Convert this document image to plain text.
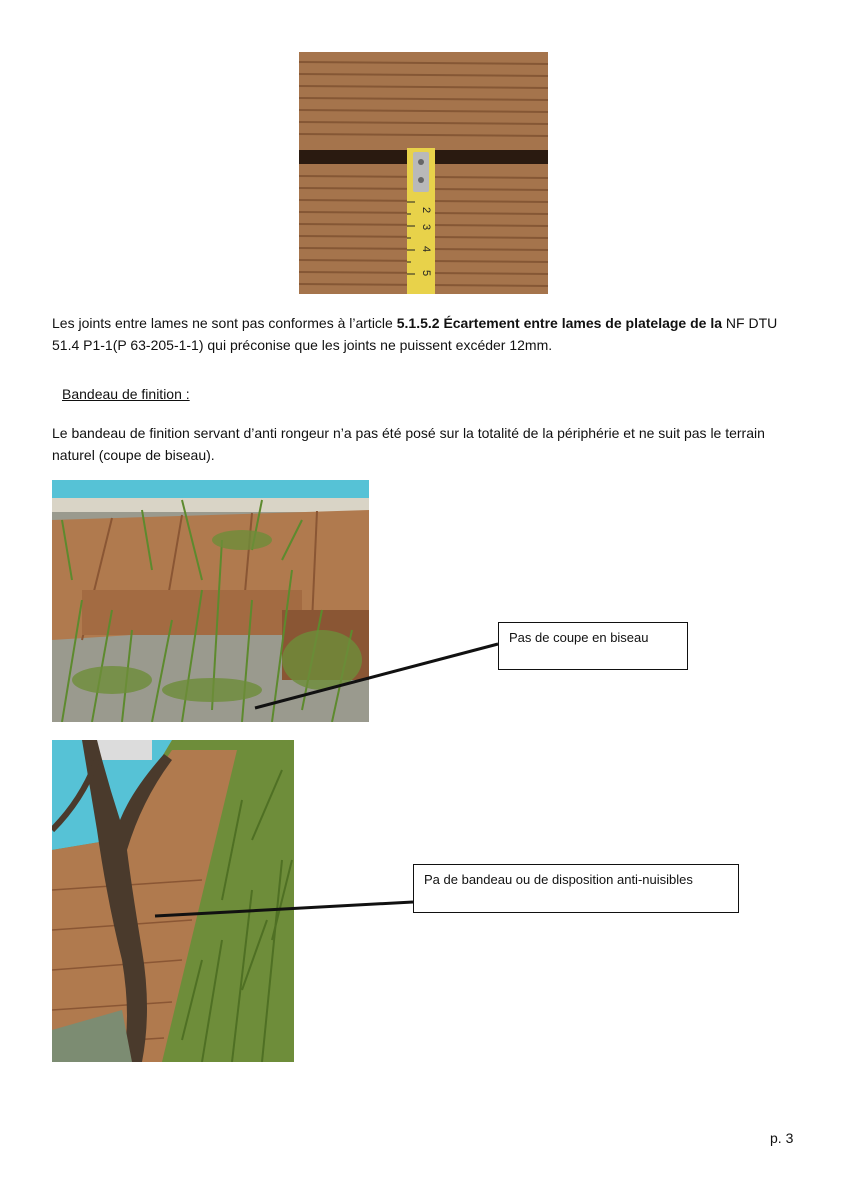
2
3
4
5
Les joints entre lames ne sont pas conformes à l’article 5.1.5.2 Écartement entre lames de platelage de la NF DTU 51.4 P1-1(P 63-205-1-1) qui préconise que les joints ne puissent excéder 12mm.
Bandeau de finition :
Le bandeau de finition servant d’anti rongeur n’a pas été posé sur la totalité de la périphérie et ne suit pas le terrain naturel (coupe de biseau).
Pas de coupe en biseau
Pa de bandeau ou de disposition anti-nuisibles
p. 3
